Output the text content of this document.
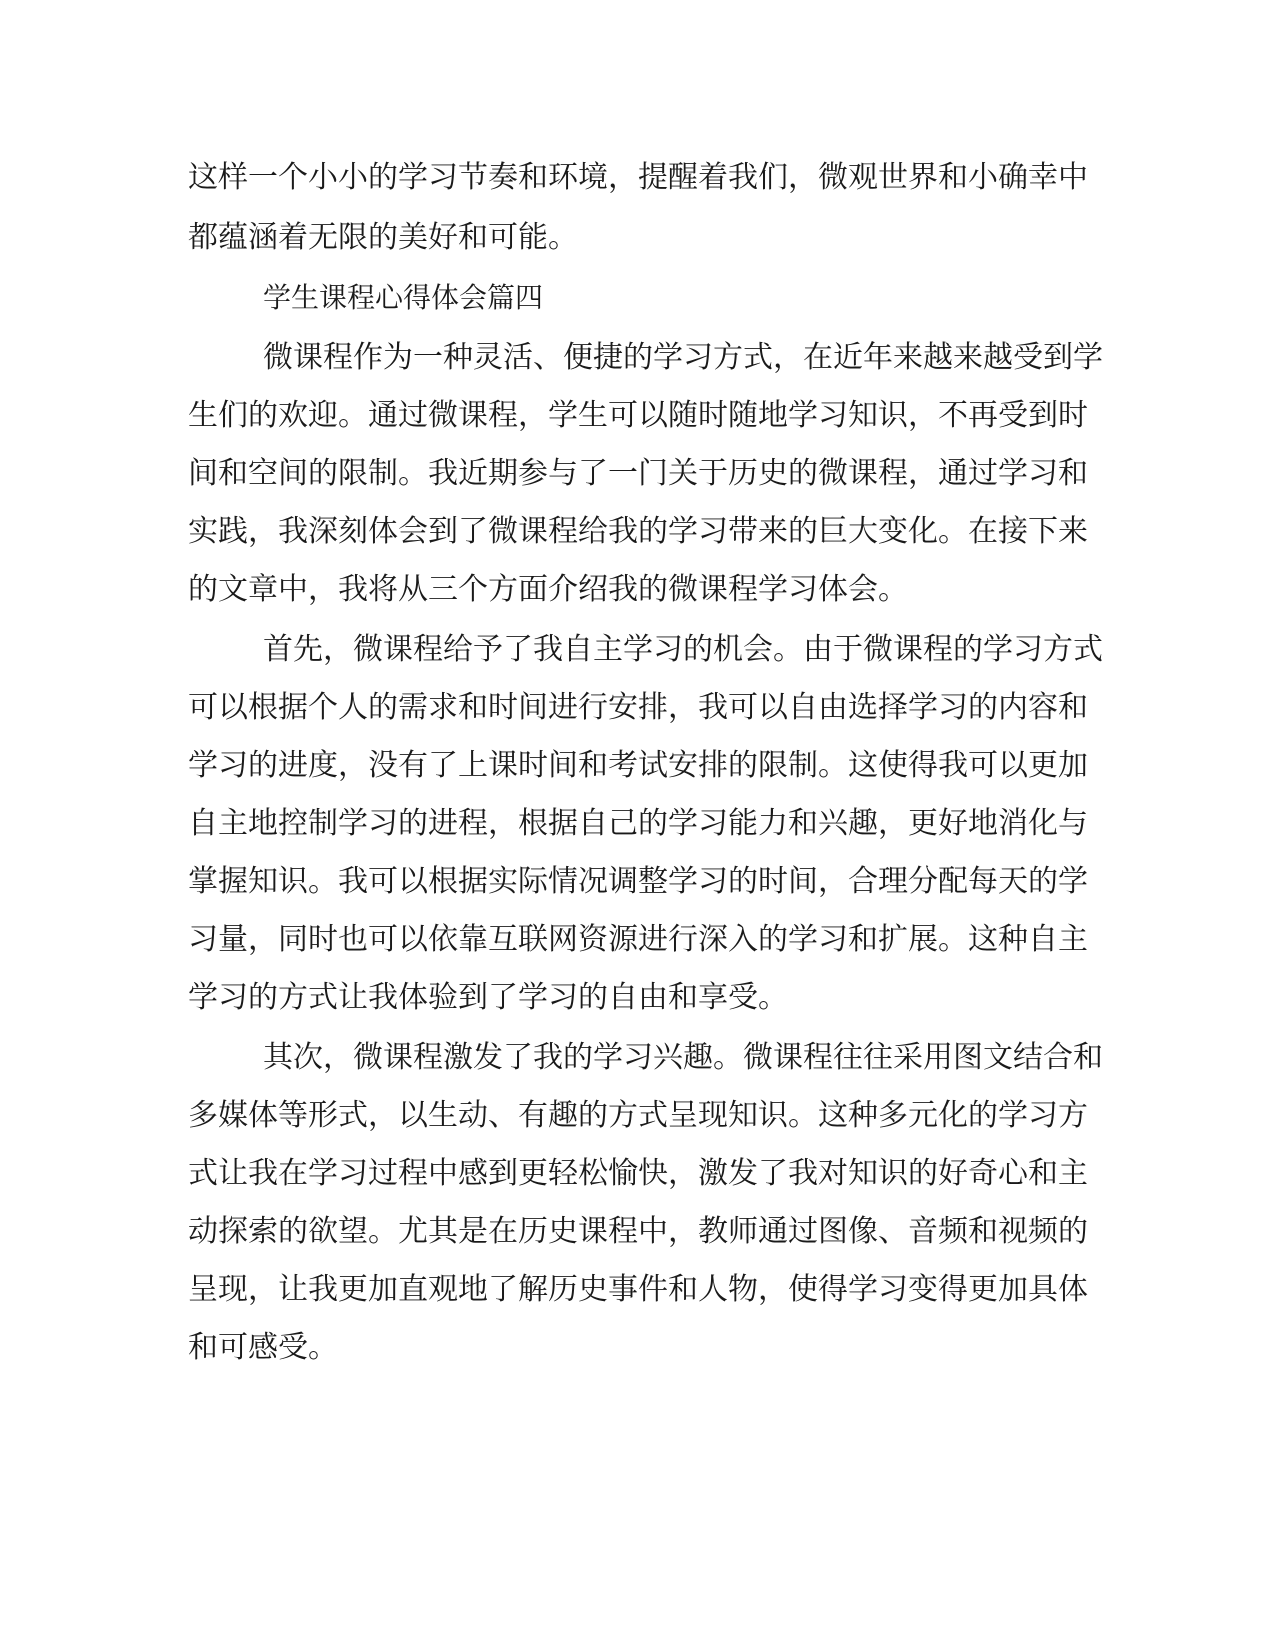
这样一个小小的学习节奏和环境，提醒着我们，微观世界和小确幸中
都蕴涵着无限的美好和可能。
学生课程心得体会篇四
微课程作为一种灵活、便捷的学习方式，在近年来越来越受到学
生们的欢迎。通过微课程，学生可以随时随地学习知识，不再受到时
间和空间的限制。我近期参与了一门关于历史的微课程，通过学习和
实践，我深刻体会到了微课程给我的学习带来的巨大变化。在接下来
的文章中，我将从三个方面介绍我的微课程学习体会。
首先，微课程给予了我自主学习的机会。由于微课程的学习方式
可以根据个人的需求和时间进行安排，我可以自由选择学习的内容和
学习的进度，没有了上课时间和考试安排的限制。这使得我可以更加
自主地控制学习的进程，根据自己的学习能力和兴趣，更好地消化与
掌握知识。我可以根据实际情况调整学习的时间，合理分配每天的学
习量，同时也可以依靠互联网资源进行深入的学习和扩展。这种自主
学习的方式让我体验到了学习的自由和享受。
其次，微课程激发了我的学习兴趣。微课程往往采用图文结合和
多媒体等形式，以生动、有趣的方式呈现知识。这种多元化的学习方
式让我在学习过程中感到更轻松愉快，激发了我对知识的好奇心和主
动探索的欲望。尤其是在历史课程中，教师通过图像、音频和视频的
呈现，让我更加直观地了解历史事件和人物，使得学习变得更加具体
和可感受。
